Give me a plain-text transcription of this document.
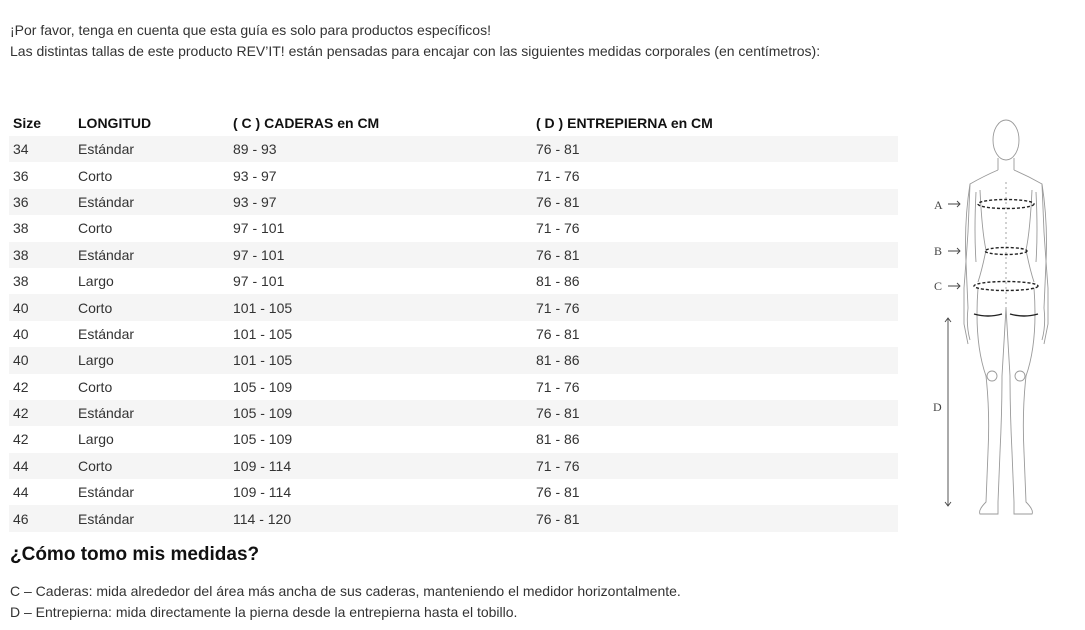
¡Por favor, tenga en cuenta que esta guía es solo para productos específicos!

Las distintas tallas de este producto REV’IT! están pensadas para encajar con las siguientes medidas corporales (en centímetros):

Size	LONGITUD	( C ) CADERAS en CM	( D ) ENTREPIERNA en CM
34	Estándar	89 - 93	76 - 81
36	Corto	93 - 97	71 - 76
36	Estándar	93 - 97	76 - 81
38	Corto	97 - 101	71 - 76
38	Estándar	97 - 101	76 - 81
38	Largo	97 - 101	81 - 86
40	Corto	101 - 105	71 - 76
40	Estándar	101 - 105	76 - 81
40	Largo	101 - 105	81 - 86
42	Corto	105 - 109	71 - 76
42	Estándar	105 - 109	76 - 81
42	Largo	105 - 109	81 - 86
44	Corto	109 - 114	71 - 76
44	Estándar	109 - 114	76 - 81
46	Estándar	114 - 120	76 - 81
¿Cómo tomo mis medidas?

C – Caderas: mida alrededor del área más ancha de sus caderas, manteniendo el medidor horizontalmente.

D – Entrepierna: mida directamente la pierna desde la entrepierna hasta el tobillo.

A
B
C
D
